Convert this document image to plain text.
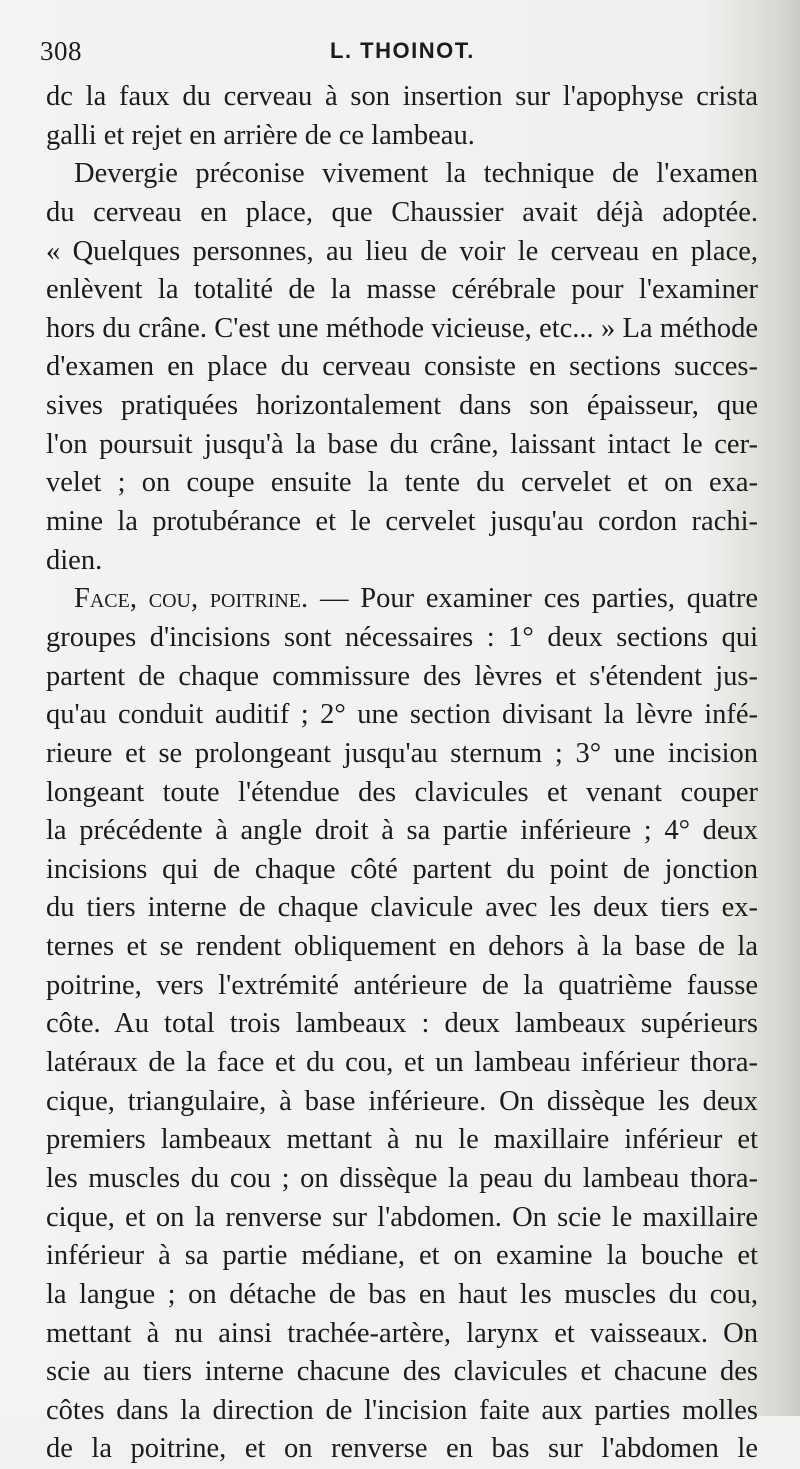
308	L. THOINOT.
dc la faux du cerveau à son insertion sur l'apophyse crista
galli et rejet en arrière de ce lambeau.
Devergie préconise vivement la technique de l'examen
du cerveau en place, que Chaussier avait déjà adoptée.
« Quelques personnes, au lieu de voir le cerveau en place,
enlèvent la totalité de la masse cérébrale pour l'examiner
hors du crâne. C'est une méthode vicieuse, etc... » La méthode
d'examen en place du cerveau consiste en sections succes-
sives pratiquées horizontalement dans son épaisseur, que
l'on poursuit jusqu'à la base du crâne, laissant intact le cer-
velet ; on coupe ensuite la tente du cervelet et on exa-
mine la protubérance et le cervelet jusqu'au cordon rachi-
dien.
Face, cou, poitrine. — Pour examiner ces parties, quatre
groupes d'incisions sont nécessaires : 1° deux sections qui
partent de chaque commissure des lèvres et s'étendent jus-
qu'au conduit auditif ; 2° une section divisant la lèvre infé-
rieure et se prolongeant jusqu'au sternum ; 3° une incision
longeant toute l'étendue des clavicules et venant couper
la précédente à angle droit à sa partie inférieure ; 4° deux
incisions qui de chaque côté partent du point de jonction
du tiers interne de chaque clavicule avec les deux tiers ex-
ternes et se rendent obliquement en dehors à la base de la
poitrine, vers l'extrémité antérieure de la quatrième fausse
côte. Au total trois lambeaux : deux lambeaux supérieurs
latéraux de la face et du cou, et un lambeau inférieur thora-
cique, triangulaire, à base inférieure. On dissèque les deux
premiers lambeaux mettant à nu le maxillaire inférieur et
les muscles du cou ; on dissèque la peau du lambeau thora-
cique, et on la renverse sur l'abdomen. On scie le maxillaire
inférieur à sa partie médiane, et on examine la bouche et
la langue ; on détache de bas en haut les muscles du cou,
mettant à nu ainsi trachée-artère, larynx et vaisseaux. On
scie au tiers interne chacune des clavicules et chacune des
côtes dans la direction de l'incision faite aux parties molles
de la poitrine, et on renverse en bas sur l'abdomen le
